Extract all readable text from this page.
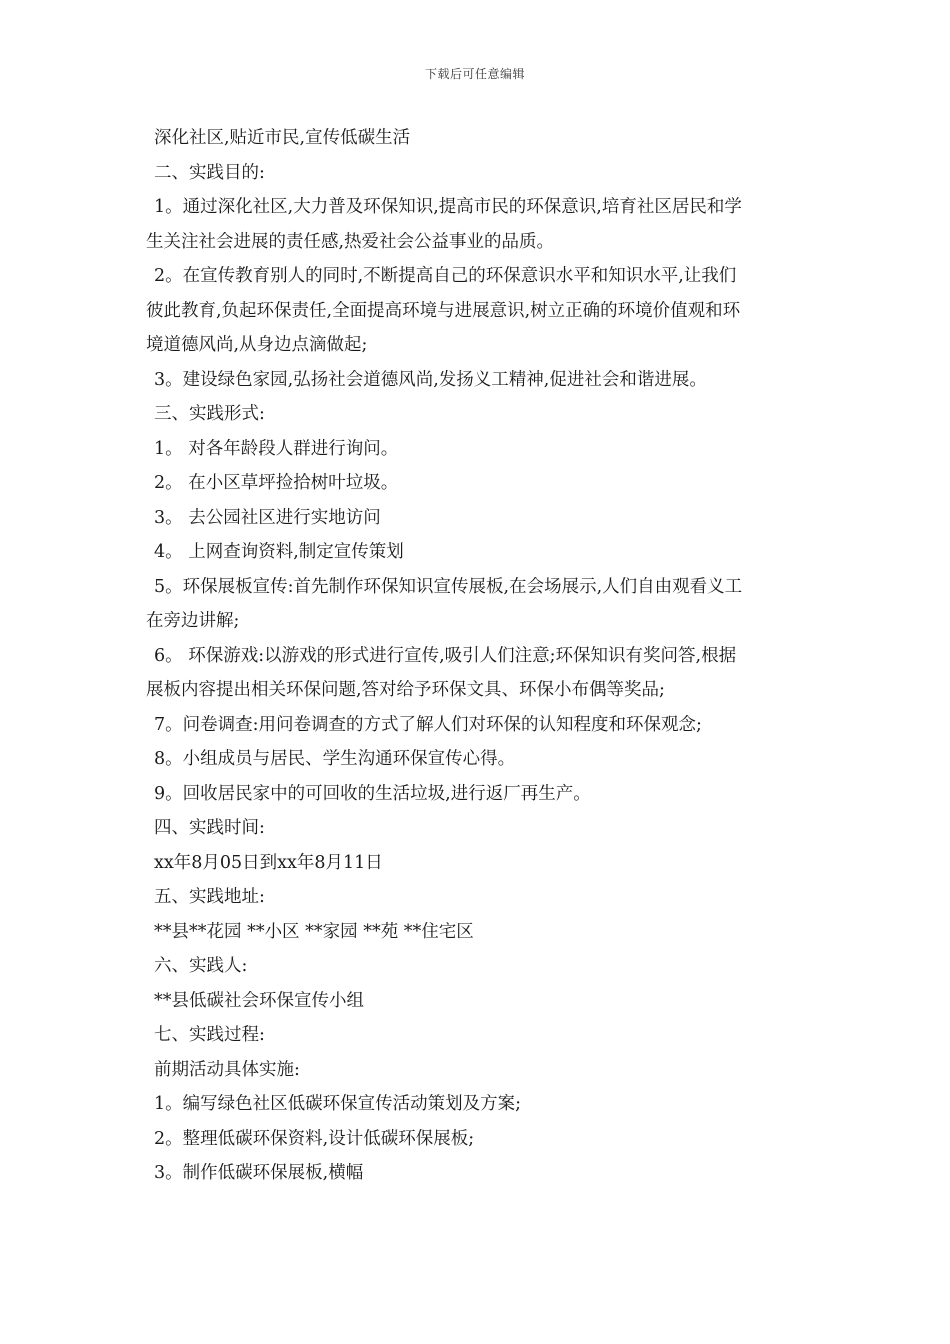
下载后可任意编辑
深化社区,贴近市民,宣传低碳生活
二、实践目的:
1。通过深化社区,大力普及环保知识,提高市民的环保意识,培育社区居民和学
生关注社会进展的责任感,热爱社会公益事业的品质。
2。在宣传教育别人的同时,不断提高自己的环保意识水平和知识水平,让我们
彼此教育,负起环保责任,全面提高环境与进展意识,树立正确的环境价值观和环
境道德风尚,从身边点滴做起;
3。建设绿色家园,弘扬社会道德风尚,发扬义工精神,促进社会和谐进展。
三、实践形式:
1。 对各年龄段人群进行询问。
2。 在小区草坪捡拾树叶垃圾。
3。 去公园社区进行实地访问
4。 上网查询资料,制定宣传策划
5。环保展板宣传:首先制作环保知识宣传展板,在会场展示,人们自由观看义工
在旁边讲解;
6。 环保游戏:以游戏的形式进行宣传,吸引人们注意;环保知识有奖问答,根据
展板内容提出相关环保问题,答对给予环保文具、环保小布偶等奖品;
7。问卷调查:用问卷调查的方式了解人们对环保的认知程度和环保观念;
8。小组成员与居民、学生沟通环保宣传心得。
9。回收居民家中的可回收的生活垃圾,进行返厂再生产。
四、实践时间:
xx年8月05日到xx年8月11日
五、实践地址:
**县**花园 **小区 **家园 **苑 **住宅区
六、实践人:
**县低碳社会环保宣传小组
七、实践过程:
前期活动具体实施:
1。编写绿色社区低碳环保宣传活动策划及方案;
2。整理低碳环保资料,设计低碳环保展板;
3。制作低碳环保展板,横幅
